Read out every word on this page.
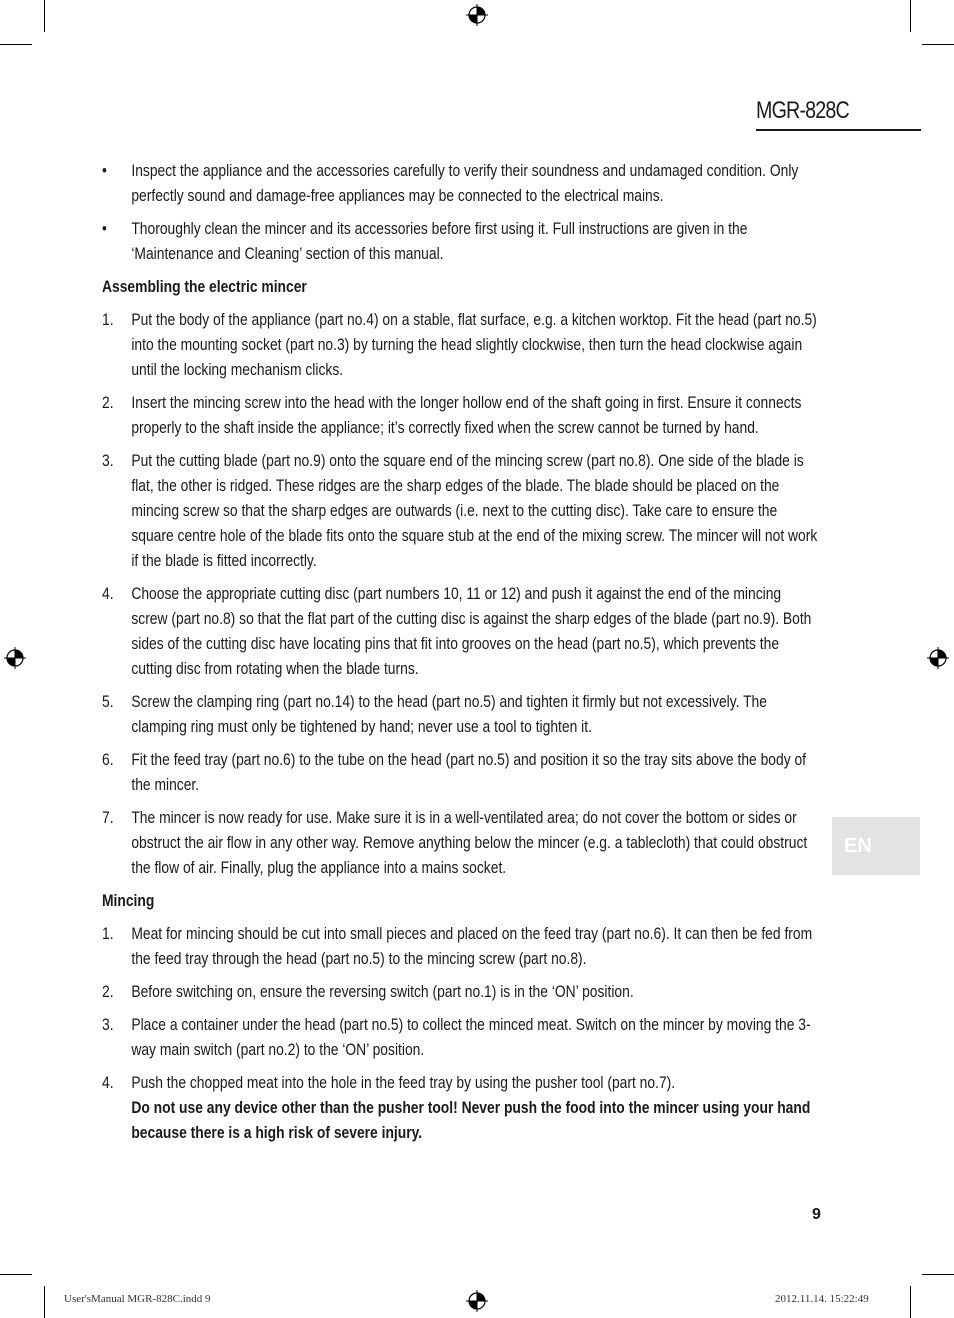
MGR-828C
• Inspect the appliance and the accessories carefully to verify their soundness and undamaged condition. Only perfectly sound and damage-free appliances may be connected to the electrical mains.
• Thoroughly clean the mincer and its accessories before first using it. Full instructions are given in the ‘Maintenance and Cleaning’ section of this manual.
Assembling the electric mincer
1. Put the body of the appliance (part no.4) on a stable, flat surface, e.g. a kitchen worktop. Fit the head (part no.5) into the mounting socket (part no.3) by turning the head slightly clockwise, then turn the head clockwise again until the locking mechanism clicks.
2. Insert the mincing screw into the head with the longer hollow end of the shaft going in first. Ensure it connects properly to the shaft inside the appliance; it’s correctly fixed when the screw cannot be turned by hand.
3. Put the cutting blade (part no.9) onto the square end of the mincing screw (part no.8). One side of the blade is flat, the other is ridged. These ridges are the sharp edges of the blade. The blade should be placed on the mincing screw so that the sharp edges are outwards (i.e. next to the cutting disc). Take care to ensure the square centre hole of the blade fits onto the square stub at the end of the mixing screw. The mincer will not work if the blade is fitted incorrectly.
4. Choose the appropriate cutting disc (part numbers 10, 11 or 12) and push it against the end of the mincing screw (part no.8) so that the flat part of the cutting disc is against the sharp edges of the blade (part no.9). Both sides of the cutting disc have locating pins that fit into grooves on the head (part no.5), which prevents the cutting disc from rotating when the blade turns.
5. Screw the clamping ring (part no.14) to the head (part no.5) and tighten it firmly but not excessively. The clamping ring must only be tightened by hand; never use a tool to tighten it.
6. Fit the feed tray (part no.6) to the tube on the head (part no.5) and position it so the tray sits above the body of the mincer.
7. The mincer is now ready for use. Make sure it is in a well-ventilated area; do not cover the bottom or sides or obstruct the air flow in any other way. Remove anything below the mincer (e.g. a tablecloth) that could obstruct the flow of air. Finally, plug the appliance into a mains socket.
Mincing
1. Meat for mincing should be cut into small pieces and placed on the feed tray (part no.6). It can then be fed from the feed tray through the head (part no.5) to the mincing screw (part no.8).
2. Before switching on, ensure the reversing switch (part no.1) is in the ‘ON’ position.
3. Place a container under the head (part no.5) to collect the minced meat. Switch on the mincer by moving the 3-way main switch (part no.2) to the ‘ON’ position.
4. Push the chopped meat into the hole in the feed tray by using the pusher tool (part no.7).
Do not use any device other than the pusher tool! Never push the food into the mincer using your hand because there is a high risk of severe injury.
EN
9
User'sManual MGR-828C.indd 9	2012.11.14. 15:22:49
